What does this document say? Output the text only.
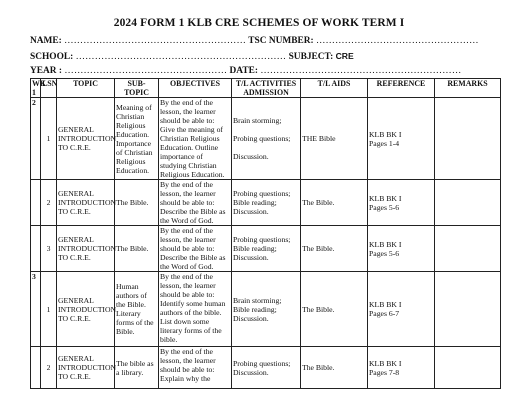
2024 FORM 1 KLB CRE SCHEMES OF WORK TERM I
NAME: ………………………………………………… TSC NUMBER: ……………………………………………
SCHOOL: ………………………………………………………… SUBJECT: CRE
YEAR : …………………………………………… DATE: ………………………………………………………
WK
1	LSN	TOPIC	SUB-TOPIC	OBJECTIVES	T/L ACTIVITIES ADMISSION	T/L AIDS	REFERENCE	REMARKS
2	1	GENERAL INTRODUCTION TO C.R.E.	Meaning of Christian Religious Education. Importance of Christian Religious Education.	By the end of the lesson, the learner should be able to: Give the meaning of Christian Religious Education. Outline importance of studying Christian Religious Education.	Brain storming;

Probing questions;

Discussion.	THE Bible	KLB BK I
Pages 1-4	
	2	GENERAL INTRODUCTION TO C.R.E.	The Bible.	By the end of the lesson, the learner should be able to: Describe the Bible as the Word of God.	Probing questions; Bible reading; Discussion.	The Bible.	KLB BK I
Pages 5-6	
	3	GENERAL INTRODUCTION TO C.R.E.	The Bible.	By the end of the lesson, the learner should be able to: Describe the Bible as the Word of God.	Probing questions; Bible reading; Discussion.	The Bible.	KLB BK I
Pages 5-6	
3	1	GENERAL INTRODUCTION TO C.R.E.	Human authors of the Bible. Literary forms of the Bible.	By the end of the lesson, the learner should be able to: Identify some human authors of the bible. List down some literary forms of the bible.	Brain storming; Bible reading; Discussion.	The Bible.	KLB BK I
Pages 6-7	
	2	GENERAL INTRODUCTION TO C.R.E.	The bible as a library.	By the end of the lesson, the learner should be able to: Explain why the	Probing questions; Discussion.	The Bible.	KLB BK I
Pages 7-8	
